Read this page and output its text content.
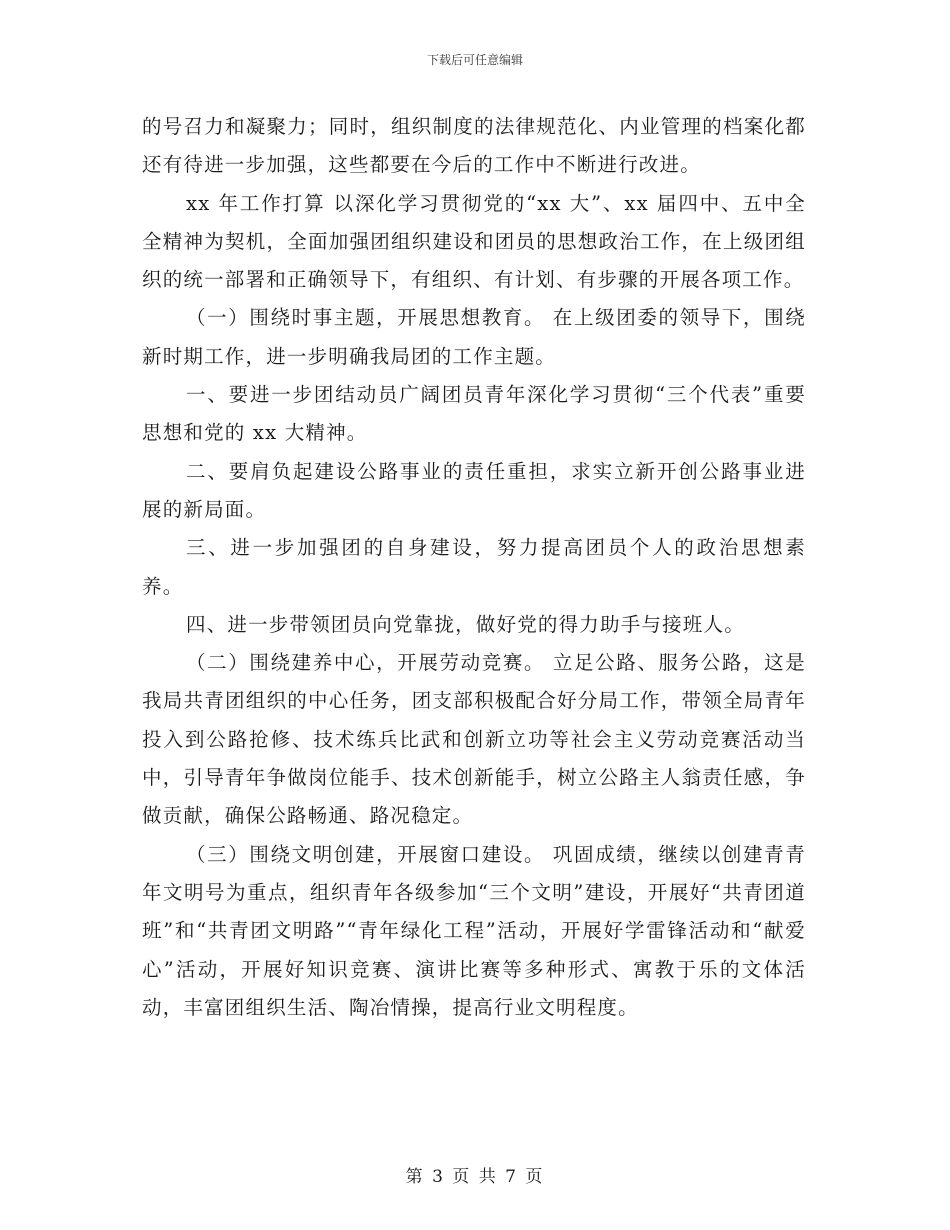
下载后可任意编辑

的号召力和凝聚力；同时，组织制度的法律规范化、内业管理的档案化都还有待进一步加强，这些都要在今后的工作中不断进行改进。

xx 年工作打算 以深化学习贯彻党的“xx 大”、xx 届四中、五中全全精神为契机，全面加强团组织建设和团员的思想政治工作，在上级团组织的统一部署和正确领导下，有组织、有计划、有步骤的开展各项工作。

（一）围绕时事主题，开展思想教育。 在上级团委的领导下，围绕新时期工作，进一步明确我局团的工作主题。

一、要进一步团结动员广阔团员青年深化学习贯彻“三个代表”重要思想和党的 xx 大精神。

二、要肩负起建设公路事业的责任重担，求实立新开创公路事业进展的新局面。

三、进一步加强团的自身建设，努力提高团员个人的政治思想素养。

四、进一步带领团员向党靠拢，做好党的得力助手与接班人。

（二）围绕建养中心，开展劳动竞赛。 立足公路、服务公路，这是我局共青团组织的中心任务，团支部积极配合好分局工作，带领全局青年投入到公路抢修、技术练兵比武和创新立功等社会主义劳动竞赛活动当中，引导青年争做岗位能手、技术创新能手，树立公路主人翁责任感，争做贡献，确保公路畅通、路况稳定。

（三）围绕文明创建，开展窗口建设。 巩固成绩，继续以创建青青年文明号为重点，组织青年各级参加“三个文明”建设，开展好“共青团道班”和“共青团文明路”“青年绿化工程”活动，开展好学雷锋活动和“献爱心”活动，开展好知识竞赛、演讲比赛等多种形式、寓教于乐的文体活动，丰富团组织生活、陶冶情操，提高行业文明程度。

第 3 页 共 7 页
